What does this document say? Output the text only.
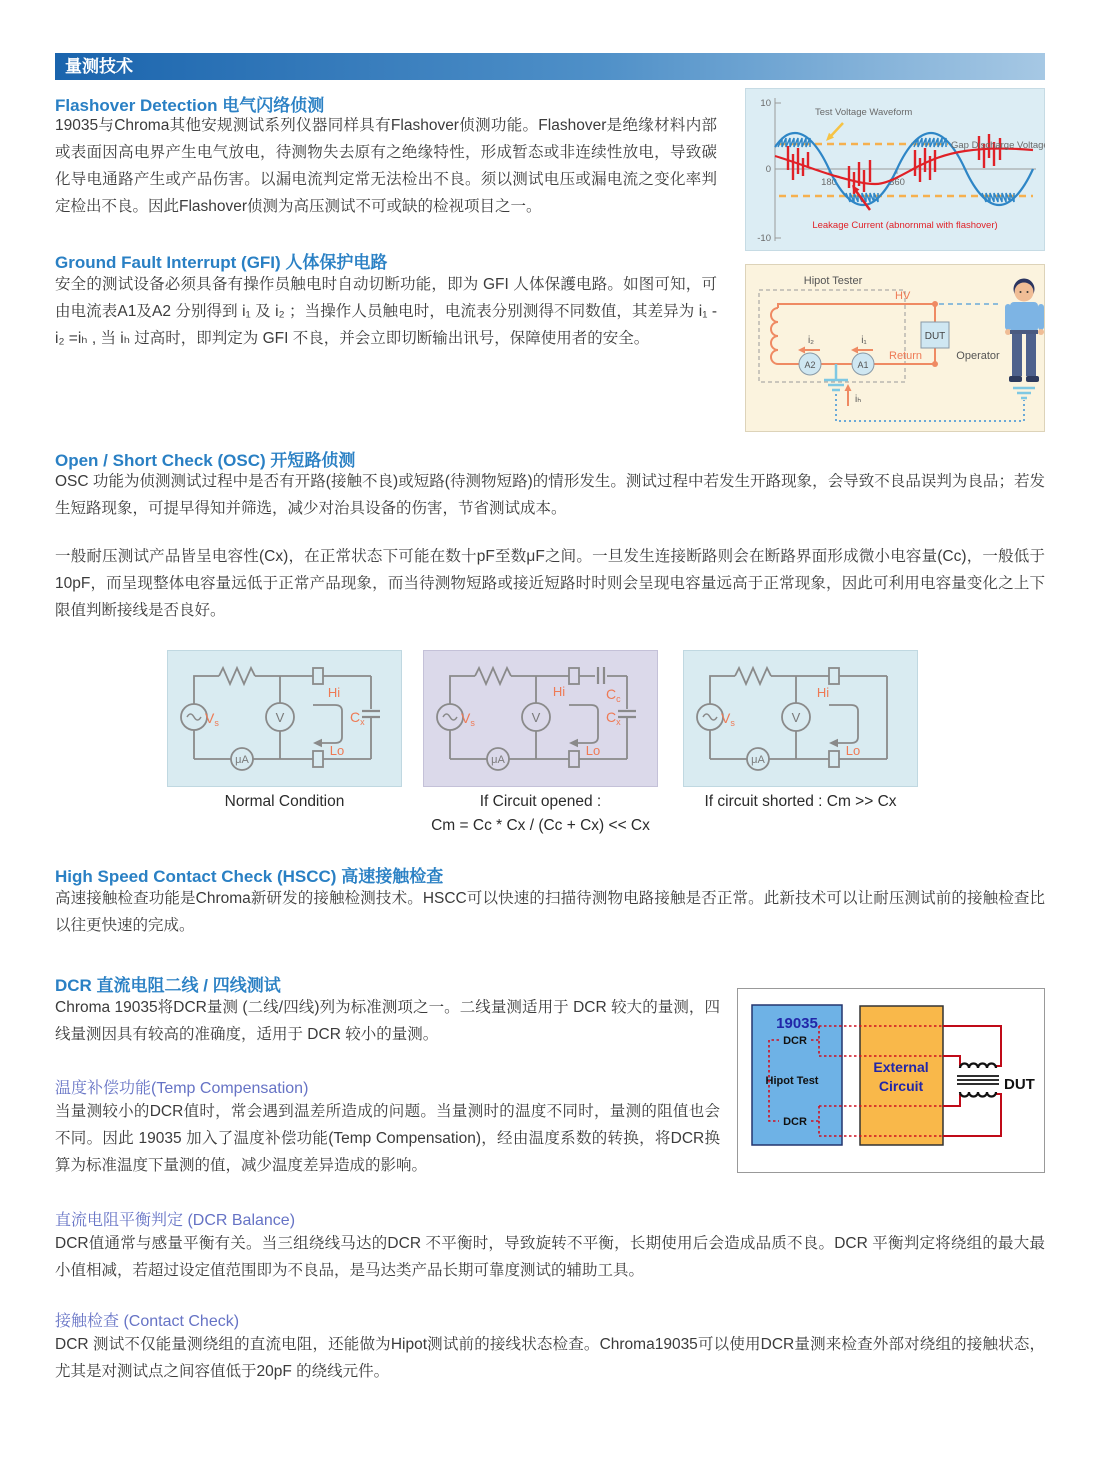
量测技术
Flashover Detection 电气闪络侦测
19035与Chroma其他安规测试系列仪器同样具有Flashover侦测功能。Flashover是绝缘材料内部或表面因高电界产生电气放电，待测物失去原有之绝缘特性，形成暂态或非连续性放电，导致碳化导电通路产生或产品伤害。以漏电流判定常无法检出不良。须以测试电压或漏电流之变化率判定检出不良。因此Flashover侦测为高压测试不可或缺的检视项目之一。
10
0
-10
180	360
Test Voltage Waveform
Gap Discharge Voltage
Leakage Current (abnornmal with flashover)
Ground Fault Interrupt (GFI) 人体保护电路
安全的测试设备必须具备有操作员触电时自动切断功能，即为 GFI 人体保護电路。如图可知，可由电流表A1及A2 分别得到 i₁ 及 i₂ ；当操作人员触电时，电流表分别测得不同数值，其差异为 i₁ - i₂ =iₕ , 当 iₕ 过高时，即判定为 GFI 不良，并会立即切断输出讯号，保障使用者的安全。
Hipot Tester
DUT
HV
Return
A2	A1
i₂	i₁
iₕ
Operator
Open / Short Check (OSC) 开短路侦测
OSC 功能为侦测测试过程中是否有开路(接触不良)或短路(待测物短路)的情形发生。测试过程中若发生开路现象，会导致不良品误判为良品；若发生短路现象，可提早得知并筛选，减少对治具设备的伤害，节省测试成本。
一般耐压测试产品皆呈电容性(Cx)，在正常状态下可能在数十pF至数μF之间。一旦发生连接断路则会在断路界面形成微小电容量(Cc)，一般低于10pF，而呈现整体电容量远低于正常产品现象，而当待测物短路或接近短路时时则会呈现电容量远高于正常现象，因此可利用电容量变化之上下限值判断接线是否良好。
$V_s$	V
μA
Hi
Lo
$C_x$
Normal Condition
$V_s$	V
μA
Hi
Lo
$C_c$
$C_x$
If Circuit opened :
Cm = Cc * Cx / (Cc + Cx) << Cx
$V_s$	V
μA
Hi
Lo
If circuit shorted : Cm >> Cx
High Speed Contact Check (HSCC) 高速接触检查
高速接触检查功能是Chroma新研发的接触检测技术。HSCC可以快速的扫描待测物电路接触是否正常。此新技术可以让耐压测试前的接触检查比以往更快速的完成。
DCR 直流电阻二线 / 四线测试
Chroma 19035将DCR量测 (二线/四线)列为标准测项之一。二线量测适用于 DCR 较大的量测，四线量测因具有较高的准确度，适用于 DCR 较小的量测。
19035
DCR
Hipot Test
DCR
External
Circuit	DUT
温度补偿功能(Temp Compensation)
当量测较小的DCR值时，常会遇到温差所造成的问题。当量测时的温度不同时，量测的阻值也会不同。因此 19035 加入了温度补偿功能(Temp Compensation)，经由温度系数的转换，将DCR换算为标准温度下量测的值，减少温度差异造成的影响。
直流电阻平衡判定 (DCR Balance)
DCR值通常与感量平衡有关。当三组绕线马达的DCR 不平衡时，导致旋转不平衡，长期使用后会造成品质不良。DCR 平衡判定将绕组的最大最小值相减，若超过设定值范围即为不良品，是马达类产品长期可靠度测试的辅助工具。
接触检查 (Contact Check)
DCR 测试不仅能量测绕组的直流电阻，还能做为Hipot测试前的接线状态检查。Chroma19035可以使用DCR量测来检查外部对绕组的接触状态，尤其是对测试点之间容值低于20pF 的绕线元件。
